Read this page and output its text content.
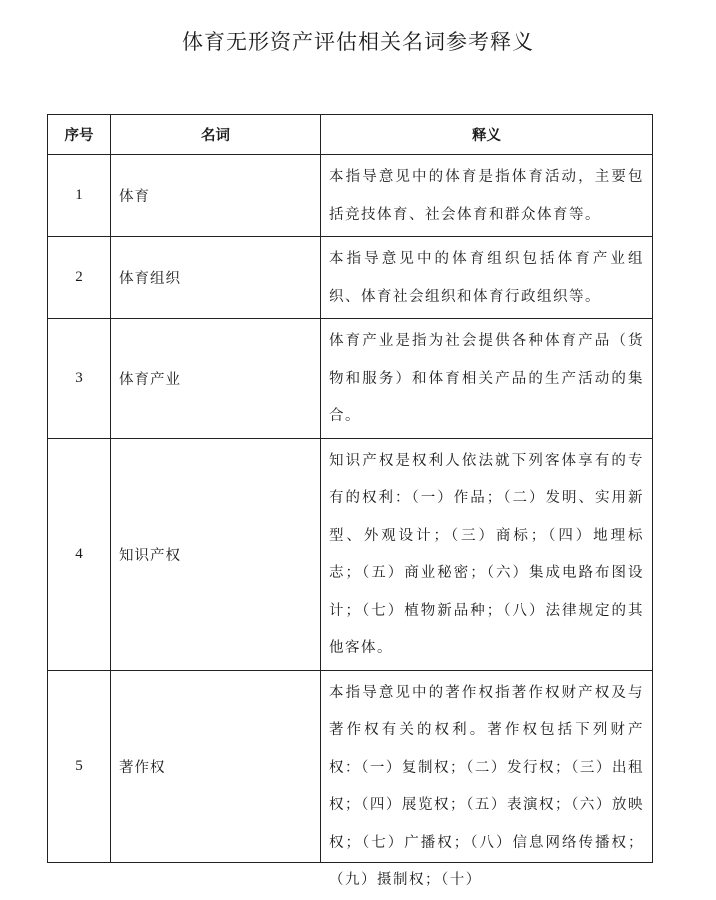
体育无形资产评估相关名词参考释义
序号	名词	释义
1	体育	本指导意见中的体育是指体育活动，主要包括竞技体育、社会体育和群众体育等。
2	体育组织	本指导意见中的体育组织包括体育产业组织、体育社会组织和体育行政组织等。
3	体育产业	体育产业是指为社会提供各种体育产品（货物和服务）和体育相关产品的生产活动的集合。
4	知识产权	知识产权是权利人依法就下列客体享有的专有的权利：（一）作品；（二）发明、实用新型、外观设计；（三）商标；（四）地理标志；（五）商业秘密；（六）集成电路布图设计；（七）植物新品种；（八）法律规定的其他客体。
5	著作权	本指导意见中的著作权指著作权财产权及与著作权有关的权利。著作权包括下列财产权：（一）复制权；（二）发行权；（三）出租权；（四）展览权；（五）表演权；（六）放映权；（七）广播权；（八）信息网络传播权；（九）摄制权；（十）
